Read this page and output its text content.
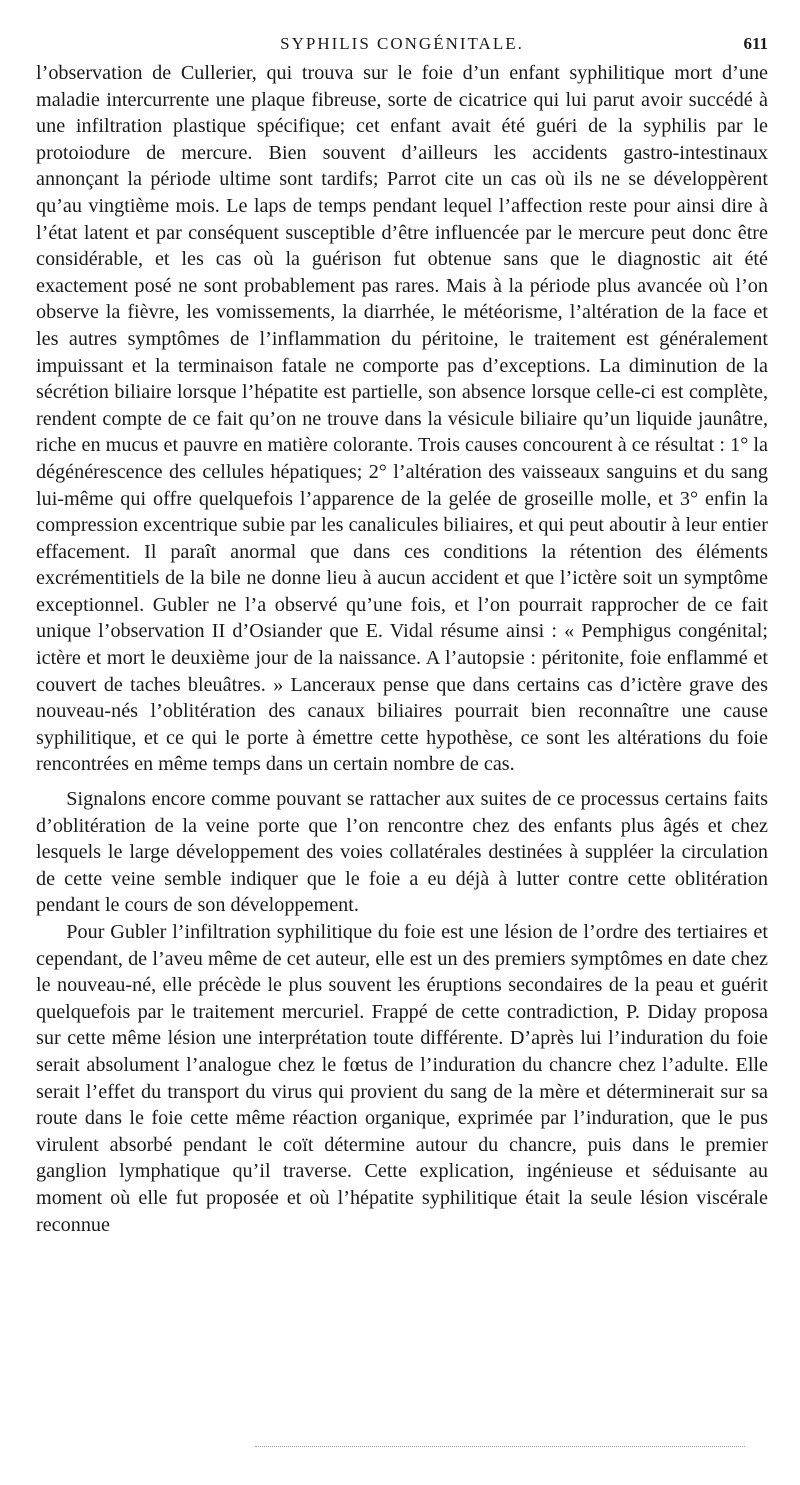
SYPHILIS CONGÉNITALE.	611

l’observation de Cullerier, qui trouva sur le foie d’un enfant syphilitique mort d’une maladie intercurrente une plaque fibreuse, sorte de cicatrice qui lui parut avoir succédé à une infiltration plastique spécifique; cet enfant avait été guéri de la syphilis par le protoiodure de mercure. Bien souvent d’ailleurs les accidents gastro-intestinaux annonçant la période ultime sont tardifs; Parrot cite un cas où ils ne se développèrent qu’au vingtième mois. Le laps de temps pendant lequel l’affection reste pour ainsi dire à l’état latent et par conséquent susceptible d’être influencée par le mercure peut donc être considérable, et les cas où la guérison fut obtenue sans que le diagnostic ait été exactement posé ne sont probablement pas rares. Mais à la période plus avancée où l’on observe la fièvre, les vomissements, la diarrhée, le météorisme, l’altération de la face et les autres symptômes de l’inflammation du péritoine, le traitement est généralement impuissant et la terminaison fatale ne comporte pas d’exceptions. La diminution de la sécrétion biliaire lorsque l’hépatite est partielle, son absence lorsque celle-ci est complète, rendent compte de ce fait qu’on ne trouve dans la vésicule biliaire qu’un liquide jaunâtre, riche en mucus et pauvre en matière colorante. Trois causes concourent à ce résultat : 1° la dégénérescence des cellules hépatiques; 2° l’altération des vaisseaux sanguins et du sang lui-même qui offre quelquefois l’apparence de la gelée de groseille molle, et 3° enfin la compression excentrique subie par les canalicules biliaires, et qui peut aboutir à leur entier effacement. Il paraît anormal que dans ces conditions la rétention des éléments excrémentitiels de la bile ne donne lieu à aucun accident et que l’ictère soit un symptôme exceptionnel. Gubler ne l’a observé qu’une fois, et l’on pourrait rapprocher de ce fait unique l’observation II d’Osiander que E. Vidal résume ainsi : « Pemphigus congénital; ictère et mort le deuxième jour de la naissance. A l’autopsie : péritonite, foie enflammé et couvert de taches bleuâtres. » Lanceraux pense que dans certains cas d’ictère grave des nouveau-nés l’oblitération des canaux biliaires pourrait bien reconnaître une cause syphilitique, et ce qui le porte à émettre cette hypothèse, ce sont les altérations du foie rencontrées en même temps dans un certain nombre de cas.

Signalons encore comme pouvant se rattacher aux suites de ce processus certains faits d’oblitération de la veine porte que l’on rencontre chez des enfants plus âgés et chez lesquels le large développement des voies collatérales destinées à suppléer la circulation de cette veine semble indiquer que le foie a eu déjà à lutter contre cette oblitération pendant le cours de son développement.

Pour Gubler l’infiltration syphilitique du foie est une lésion de l’ordre des tertiaires et cependant, de l’aveu même de cet auteur, elle est un des premiers symptômes en date chez le nouveau-né, elle précède le plus souvent les éruptions secondaires de la peau et guérit quelquefois par le traitement mercuriel. Frappé de cette contradiction, P. Diday proposa sur cette même lésion une interprétation toute différente. D’après lui l’induration du foie serait absolument l’analogue chez le fœtus de l’induration du chancre chez l’adulte. Elle serait l’effet du transport du virus qui provient du sang de la mère et déterminerait sur sa route dans le foie cette même réaction organique, exprimée par l’induration, que le pus virulent absorbé pendant le coït détermine autour du chancre, puis dans le premier ganglion lymphatique qu’il traverse. Cette explication, ingénieuse et séduisante au moment où elle fut proposée et où l’hépatite syphilitique était la seule lésion viscérale reconnue
